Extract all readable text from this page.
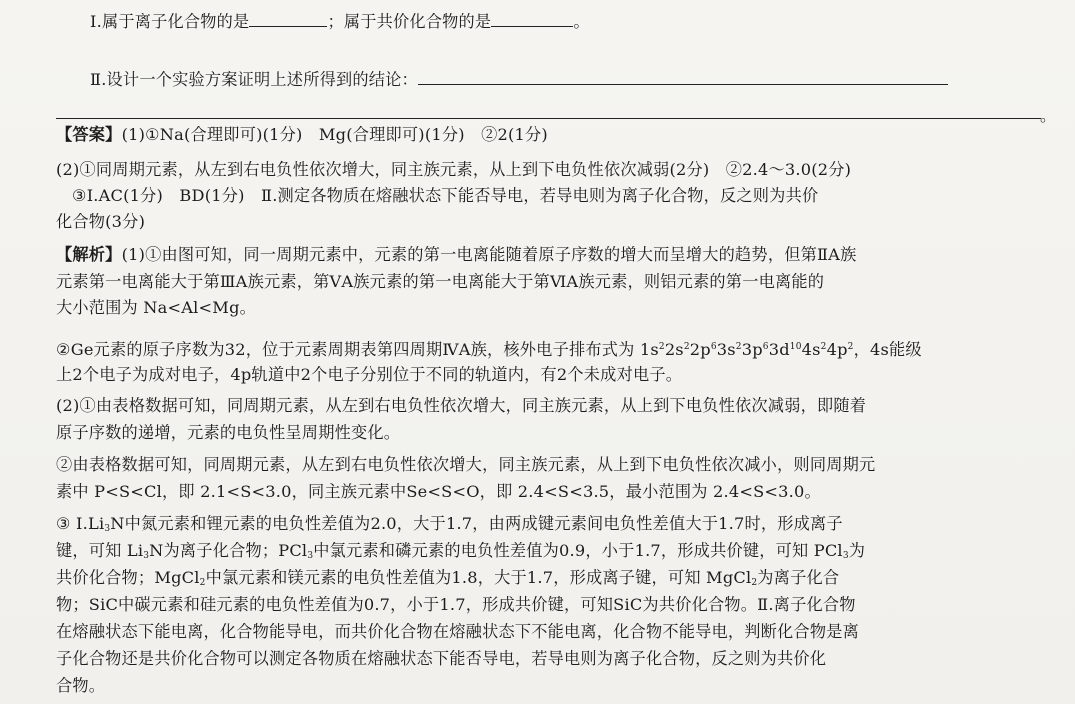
Ⅰ.属于离子化合物的是	；属于共价化合物的是	。
Ⅱ.设计一个实验方案证明上述所得到的结论：
。
【答案】(1)①Na(合理即可)(1分)　Mg(合理即可)(1分)　②2(1分)
(2)①同周期元素，从左到右电负性依次增大，同主族元素，从上到下电负性依次减弱(2分)　②2.4～3.0(2分)
③Ⅰ.AC(1分)　BD(1分)　Ⅱ.测定各物质在熔融状态下能否导电，若导电则为离子化合物，反之则为共价
化合物(3分)
【解析】(1)①由图可知，同一周期元素中，元素的第一电离能随着原子序数的增大而呈增大的趋势，但第ⅡA族
元素第一电离能大于第ⅢA族元素，第ⅤA族元素的第一电离能大于第ⅥA族元素，则铝元素的第一电离能的
大小范围为 Na<Al<Mg。
②Ge元素的原子序数为32，位于元素周期表第四周期ⅣA族，核外电子排布式为 $1s^22s^22p^63s^23p^63d^{10}4s^24p^2$，4s能级
上2个电子为成对电子，4p轨道中2个电子分别位于不同的轨道内，有2个未成对电子。
(2)①由表格数据可知，同周期元素，从左到右电负性依次增大，同主族元素，从上到下电负性依次减弱，即随着
原子序数的递增，元素的电负性呈周期性变化。
②由表格数据可知，同周期元素，从左到右电负性依次增大，同主族元素，从上到下电负性依次减小，则同周期元
素中 P<S<Cl，即 2.1<S<3.0，同主族元素中Se<S<O，即 2.4<S<3.5，最小范围为 2.4<S<3.0。
③ $Ⅰ.Li_3N$中氮元素和锂元素的电负性差值为2.0，大于1.7，由两成键元素间电负性差值大于1.7时，形成离子
键，可知 $Li_3N$为离子化合物；PCl$_3$中氯元素和磷元素的电负性差值为0.9，小于1.7，形成共价键，可知 PCl$_3$为
共价化合物；MgCl$_2$中氯元素和镁元素的电负性差值为1.8，大于1.7，形成离子键，可知 MgCl$_2$为离子化合
物；SiC中碳元素和硅元素的电负性差值为0.7，小于1.7，形成共价键，可知SiC为共价化合物。Ⅱ.离子化合物
在熔融状态下能电离，化合物能导电，而共价化合物在熔融状态下不能电离，化合物不能导电，判断化合物是离
子化合物还是共价化合物可以测定各物质在熔融状态下能否导电，若导电则为离子化合物，反之则为共价化
合物。
